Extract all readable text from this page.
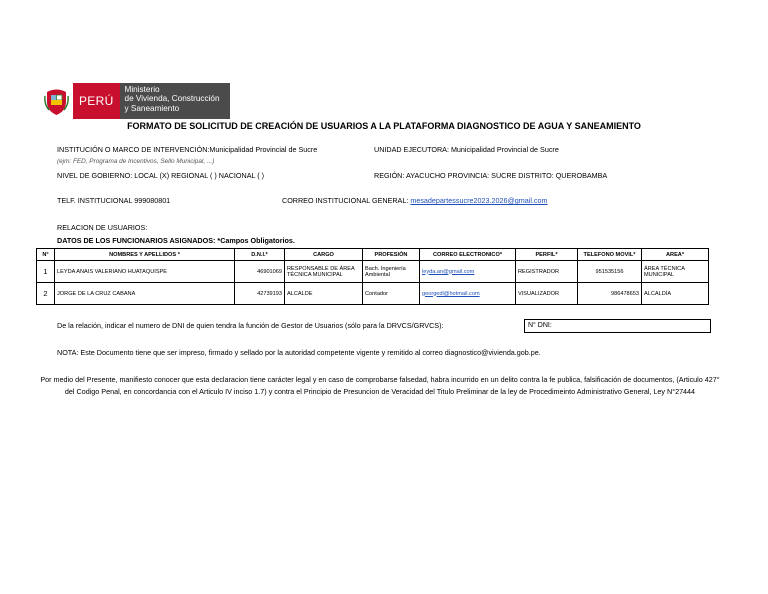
PERÚ
Ministerio
de Vivienda, Construcción
y Saneamiento
FORMATO DE SOLICITUD DE CREACIÓN DE USUARIOS A LA PLATAFORMA DIAGNOSTICO DE AGUA Y SANEAMIENTO
INSTITUCIÓN O MARCO DE INTERVENCIÓN:Municipalidad Provincial de Sucre
(ejm: FED, Programa de Incentivos, Sello Municipal, ...)
UNIDAD EJECUTORA: Municipalidad Provincial de Sucre
NIVEL DE GOBIERNO: LOCAL (X) REGIONAL ( ) NACIONAL ( )	REGIÓN: AYACUCHO PROVINCIA: SUCRE DISTRITO: QUEROBAMBA
TELF. INSTITUCIONAL 999080801	CORREO INSTITUCIONAL GENERAL: mesadepartessucre2023.2026@gmail.com
RELACION DE USUARIOS:
DATOS DE LOS FUNCIONARIOS ASIGNADOS: *Campos Obligatorios.
N°	NOMBRES Y APELLIDOS *	D.N.I.*	CARGO	PROFESIÓN	CORREO ELECTRONICO*	PERFIL*	TELEFONO MOVIL*	AREA*
1	LEYDA ANAIS VALERIANO HUATAQUISPE	46901069	RESPONSABLE DE ÁREA TÉCNICA MUNICIPAL	Bach. Ingeniería Ambiental	leyda.an@gmail.com	REGISTRADOR	951535156	ÁREA TÉCNICA MUNICIPAL
2	JORGE DE LA CRUZ CABANA	42739193	ALCALDE	Contador	georgedl@hotmail.com	VISUALIZADOR	986478653	ALCALDÍA
De la relación, indicar el numero de DNI de quien tendra la función de Gestor de Usuarios (sólo para la DRVCS/GRVCS):	N° DNI:
NOTA: Este Documento tiene que ser impreso, firmado y sellado por la autoridad competente vigente y remitido al correo diagnostico@vivienda.gob.pe.
Por medio del Presente, manifiesto conocer que esta declaracion tiene carácter legal y en caso de comprobarse falsedad, habra incurrido en un delito contra la fe publica, falsificación de documentos, (Articulo 427° del Codigo Penal, en concordancia con el Articulo IV inciso 1.7) y contra el Principio de Presuncion de Veracidad del Titulo Preliminar de la ley de Procedimeinto Administrativo General, Ley N°27444
